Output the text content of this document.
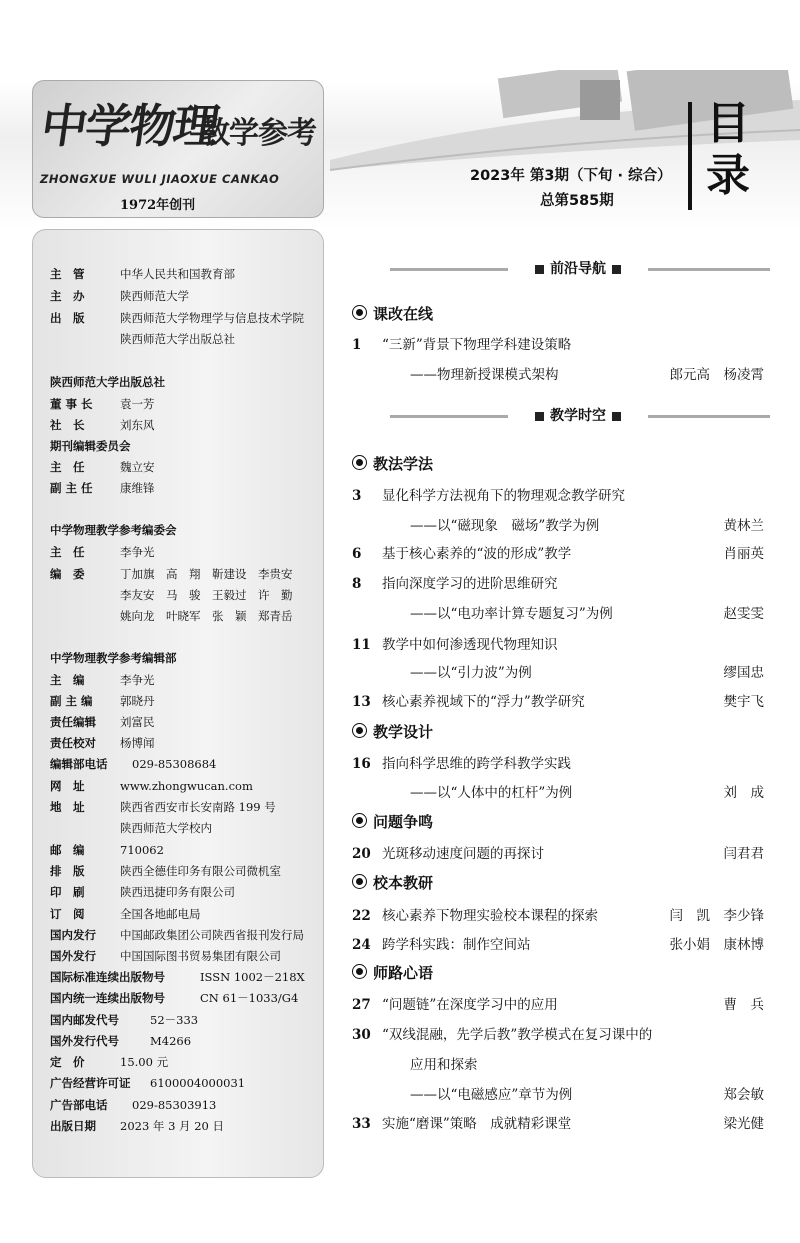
中学物理
教学参考
ZHONGXUE WULI JIAOXUE CANKAO
1972年创刊
2023年 第3期（下旬 · 综合）
总第585期
目
录
主　管	中华人民共和国教育部
主　办	陕西师范大学
出　版	陕西师范大学物理学与信息技术学院
陕西师范大学出版总社
陕西师范大学出版总社
董 事 长 袁一芳
社　长	刘东风
期刊编辑委员会
主　任	魏立安
副 主 任 康维锋
中学物理教学参考编委会
主　任	李争光
编　委	丁加旗　高　翔　靳建设　李贵安
李友安　马　骏　王毅过　许　勤
姚向龙　叶晓军　张　颖　郑青岳
中学物理教学参考编辑部
主　编	李争光
副 主 编 郭晓丹
责任编辑 刘富民
责任校对 杨博闻
编辑部电话 029-85308684
网　址	www.zhongwucan.com
地　址	陕西省西安市长安南路 199 号
陕西师范大学校内
邮　编	710062
排　版	陕西全德佳印务有限公司微机室
印　刷	陕西迅捷印务有限公司
订　阅	全国各地邮电局
国内发行 中国邮政集团公司陕西省报刊发行局
国外发行 中国国际图书贸易集团有限公司
国际标准连续出版物号	ISSN 1002－218X
国内统一连续出版物号	CN 61－1033/G4
国内邮发代号	52－333
国外发行代号	M4266
定　价	15.00 元
广告经营许可证 6100004000031
广告部电话 029-85303913
出版日期 2023 年 3 月 20 日
前沿导航
教学时空
课改在线
教法学法
教学设计
问题争鸣
校本教研
师路心语
1 “三新”背景下物理学科建设策略
——物理新授课模式架构	郎元高　杨凌霄
3 显化科学方法视角下的物理观念教学研究
——以“磁现象　磁场”教学为例	黄林兰
6 基于核心素养的“波的形成”教学	肖丽英
8 指向深度学习的进阶思维研究
——以“电功率计算专题复习”为例	赵雯雯
11 教学中如何渗透现代物理知识
——以“引力波”为例	缪国忠
13 核心素养视域下的“浮力”教学研究	樊宇飞
16 指向科学思维的跨学科教学实践
——以“人体中的杠杆”为例	刘　成
20 光斑移动速度问题的再探讨	闫君君
22 核心素养下物理实验校本课程的探索	闫　凯　李少锋
24 跨学科实践：制作空间站	张小娟　康林博
27 “问题链”在深度学习中的应用	曹　兵
30 “双线混融，先学后教”教学模式在复习课中的
应用和探索
——以“电磁感应”章节为例	郑会敏
33 实施“磨课”策略　成就精彩课堂	梁光健
